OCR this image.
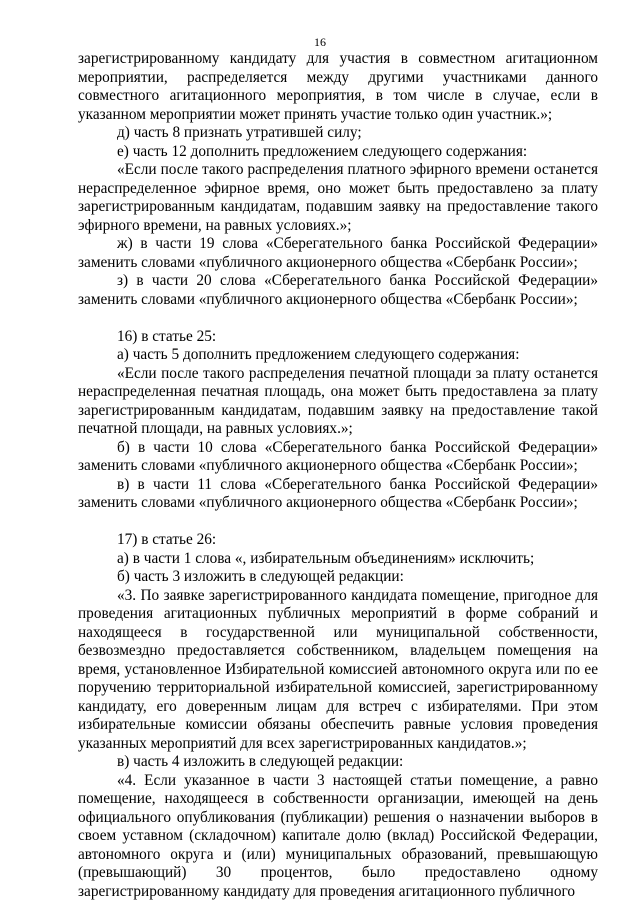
16

зарегистрированному кандидату для участия в совместном агитационном мероприятии, распределяется между другими участниками данного совместного агитационного мероприятия, в том числе в случае, если в указанном мероприятии может принять участие только один участник.»;

д) часть 8 признать утратившей силу;

е) часть 12 дополнить предложением следующего содержания:

«Если после такого распределения платного эфирного времени останется нераспределенное эфирное время, оно может быть предоставлено за плату зарегистрированным кандидатам, подавшим заявку на предоставление такого эфирного времени, на равных условиях.»;

ж) в части 19 слова «Сберегательного банка Российской Федерации» заменить словами «публичного акционерного общества «Сбербанк России»;

з) в части 20 слова «Сберегательного банка Российской Федерации» заменить словами «публичного акционерного общества «Сбербанк России»;

16) в статье 25:

а) часть 5 дополнить предложением следующего содержания:

«Если после такого распределения печатной площади за плату останется нераспределенная печатная площадь, она может быть предоставлена за плату зарегистрированным кандидатам, подавшим заявку на предоставление такой печатной площади, на равных условиях.»;

б) в части 10 слова «Сберегательного банка Российской Федерации» заменить словами «публичного акционерного общества «Сбербанк России»;

в) в части 11 слова «Сберегательного банка Российской Федерации» заменить словами «публичного акционерного общества «Сбербанк России»;

17) в статье 26:

а) в части 1 слова «, избирательным объединениям» исключить;

б) часть 3 изложить в следующей редакции:

«3. По заявке зарегистрированного кандидата помещение, пригодное для проведения агитационных публичных мероприятий в форме собраний и находящееся в государственной или муниципальной собственности, безвозмездно предоставляется собственником, владельцем помещения на время, установленное Избирательной комиссией автономного округа или по ее поручению территориальной избирательной комиссией, зарегистрированному кандидату, его доверенным лицам для встреч с избирателями. При этом избирательные комиссии обязаны обеспечить равные условия проведения указанных мероприятий для всех зарегистрированных кандидатов.»;

в) часть 4 изложить в следующей редакции:

«4. Если указанное в части 3 настоящей статьи помещение, а равно помещение, находящееся в собственности организации, имеющей на день официального опубликования (публикации) решения о назначении выборов в своем уставном (складочном) капитале долю (вклад) Российской Федерации, автономного округа и (или) муниципальных образований, превышающую (превышающий) 30 процентов, было предоставлено одному зарегистрированному кандидату для проведения агитационного публичного
